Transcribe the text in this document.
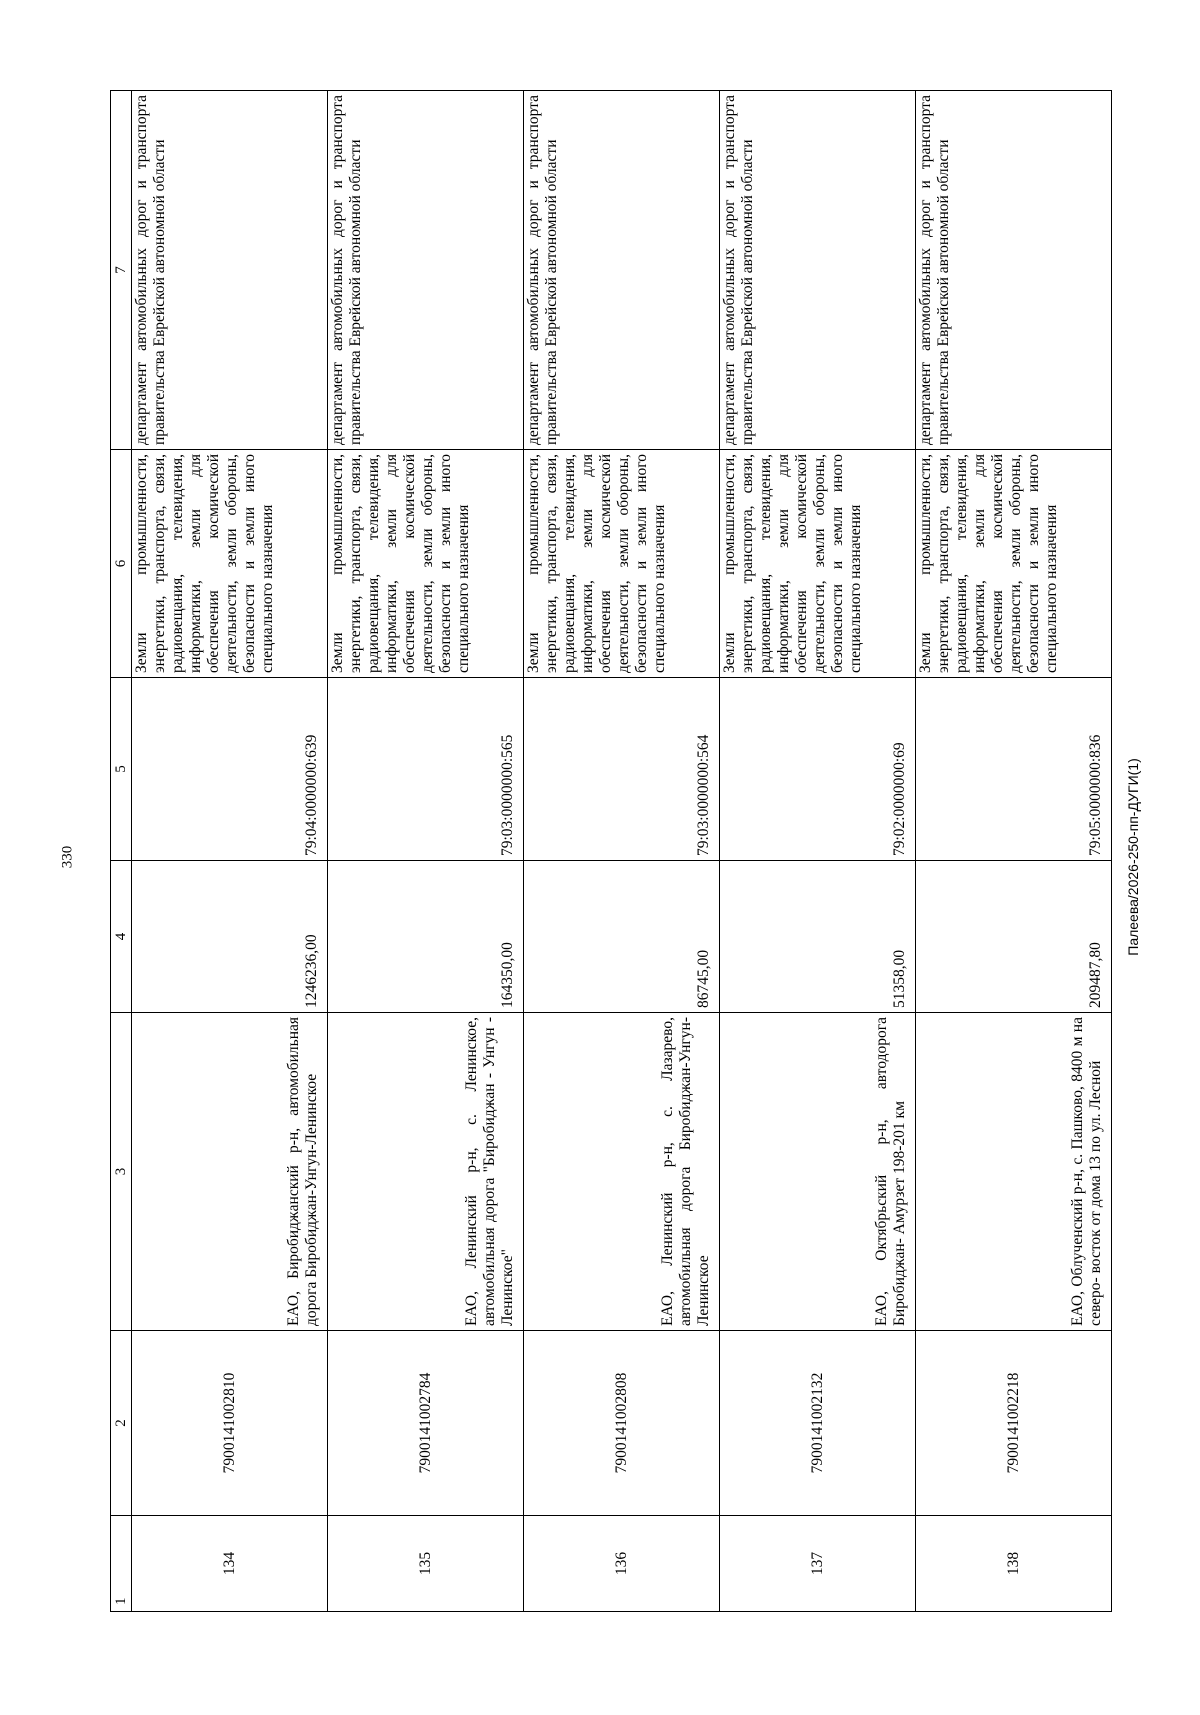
330
1	2	3	4	5	6	7
134	7900141002810	ЕАО, Биробиджанский р-н, автомобильная дорога Биробиджан-Унгун-Ленинское	1246236,00	79:04:0000000:639	Земли промышленности, энергетики, транспорта, связи, радиовещания, телевидения, информатики, земли для обеспечения космической деятельности, земли обороны, безопасности и земли иного специального назначения	департамент автомобильных дорог и транспорта правительства Еврейской автономной области
135	7900141002784	ЕАО, Ленинский р-н, с. Ленинское, автомобильная дорога "Биробиджан - Унгун - Ленинское"	164350,00	79:03:0000000:565	Земли промышленности, энергетики, транспорта, связи, радиовещания, телевидения, информатики, земли для обеспечения космической деятельности, земли обороны, безопасности и земли иного специального назначения	департамент автомобильных дорог и транспорта правительства Еврейской автономной области
136	7900141002808	ЕАО, Ленинский р-н, с. Лазарево, автомобильная дорога Биробиджан-Унгун-Ленинское	86745,00	79:03:0000000:564	Земли промышленности, энергетики, транспорта, связи, радиовещания, телевидения, информатики, земли для обеспечения космической деятельности, земли обороны, безопасности и земли иного специального назначения	департамент автомобильных дорог и транспорта правительства Еврейской автономной области
137	7900141002132	ЕАО, Октябрьский р-н, автодорога Биробиджан- Амурзет 198-201 км	51358,00	79:02:0000000:69	Земли промышленности, энергетики, транспорта, связи, радиовещания, телевидения, информатики, земли для обеспечения космической деятельности, земли обороны, безопасности и земли иного специального назначения	департамент автомобильных дорог и транспорта правительства Еврейской автономной области
138	7900141002218	ЕАО, Облученский р-н, с. Пашково, 8400 м на северо- восток от дома 13 по ул. Лесной	209487,80	79:05:0000000:836	Земли промышленности, энергетики, транспорта, связи, радиовещания, телевидения, информатики, земли для обеспечения космической деятельности, земли обороны, безопасности и земли иного специального назначения	департамент автомобильных дорог и транспорта правительства Еврейской автономной области
Палеева/2026-250-пп-ДУГИ(1)
